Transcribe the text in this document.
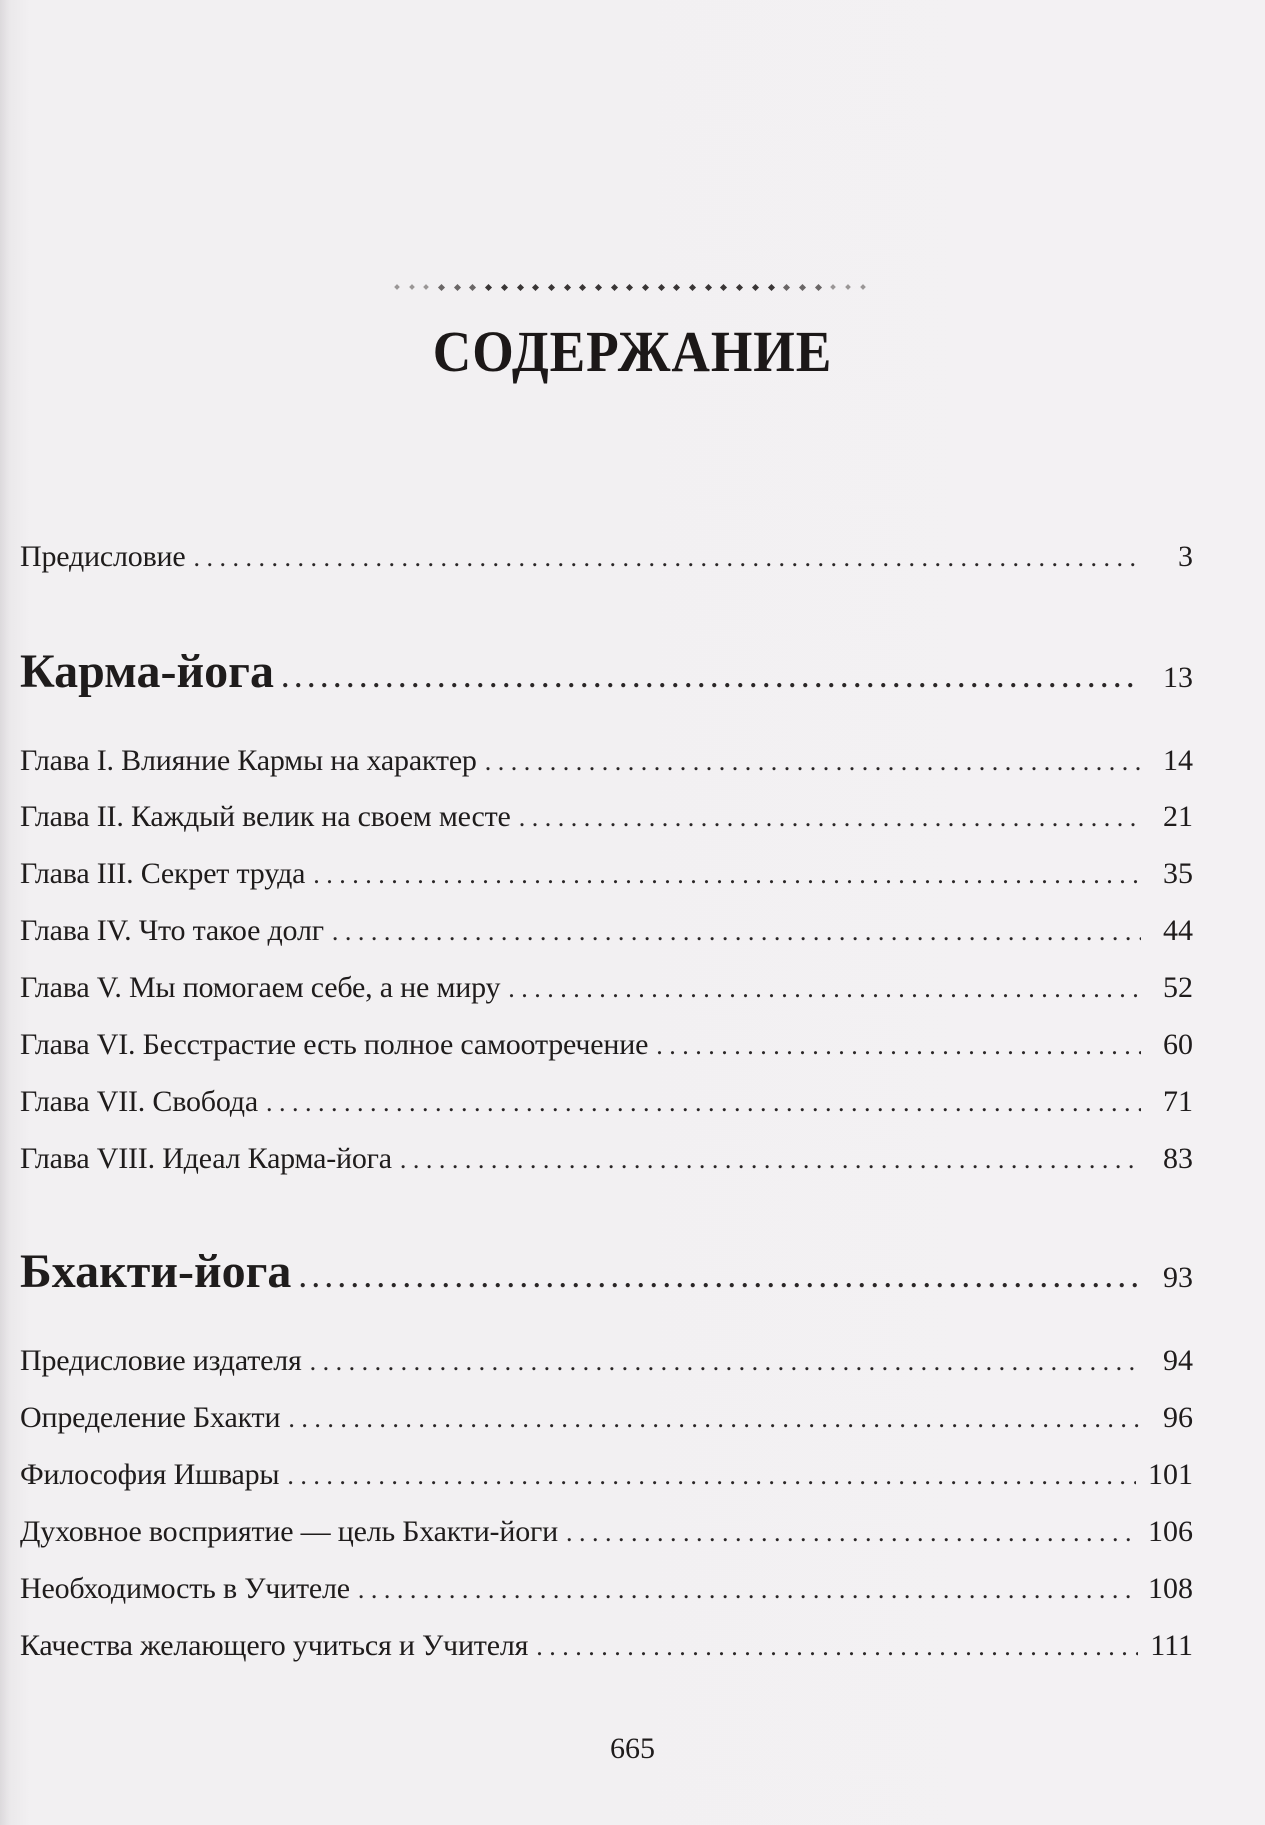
СОДЕРЖАНИЕ
Предисловие . . .	3
Карма-йога . . .	13
Глава I. Влияние Кармы на характер . . .	14
Глава II. Каждый велик на своем месте . . .	21
Глава III. Секрет труда . . .	35
Глава IV. Что такое долг . . .	44
Глава V. Мы помогаем себе, а не миру . . .	52
Глава VI. Бесстрастие есть полное самоотречение . . .	60
Глава VII. Свобода . . .	71
Глава VIII. Идеал Карма-йога . . .	83
Бхакти-йога . . .	93
Предисловие издателя . . .	94
Определение Бхакти . . .	96
Философия Ишвары . . .	101
Духовное восприятие — цель Бхакти-йоги . . .	106
Необходимость в Учителе . . .	108
Качества желающего учиться и Учителя . . .	111
665
